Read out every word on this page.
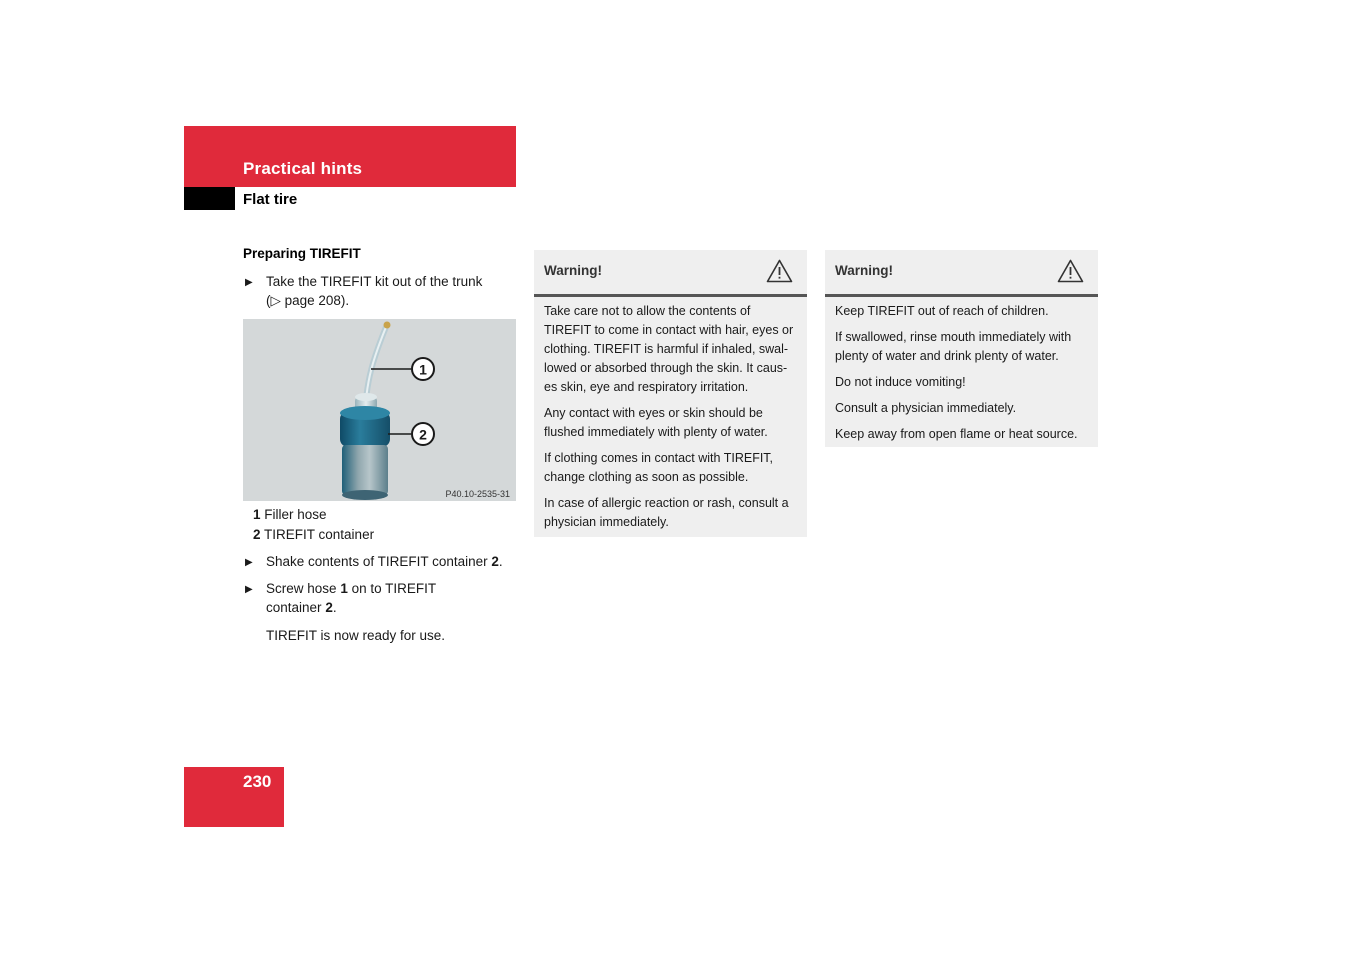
Practical hints
Flat tire
Preparing TIREFIT
▶ Take the TIREFIT kit out of the trunk
(▷ page 208).
1
2
P40.10-2535-31
1 Filler hose
2 TIREFIT container
▶ Shake contents of TIREFIT container 2.
▶ Screw hose 1 on to TIREFIT
container 2.
TIREFIT is now ready for use.
Warning!

Take care not to allow the contents of
TIREFIT to come in contact with hair, eyes or
clothing. TIREFIT is harmful if inhaled, swal-
lowed or absorbed through the skin. It caus-
es skin, eye and respiratory irritation.

Any contact with eyes or skin should be
flushed immediately with plenty of water.

If clothing comes in contact with TIREFIT,
change clothing as soon as possible.

In case of allergic reaction or rash, consult a
physician immediately.

Warning!

Keep TIREFIT out of reach of children.

If swallowed, rinse mouth immediately with
plenty of water and drink plenty of water.

Do not induce vomiting!

Consult a physician immediately.

Keep away from open flame or heat source.

230
